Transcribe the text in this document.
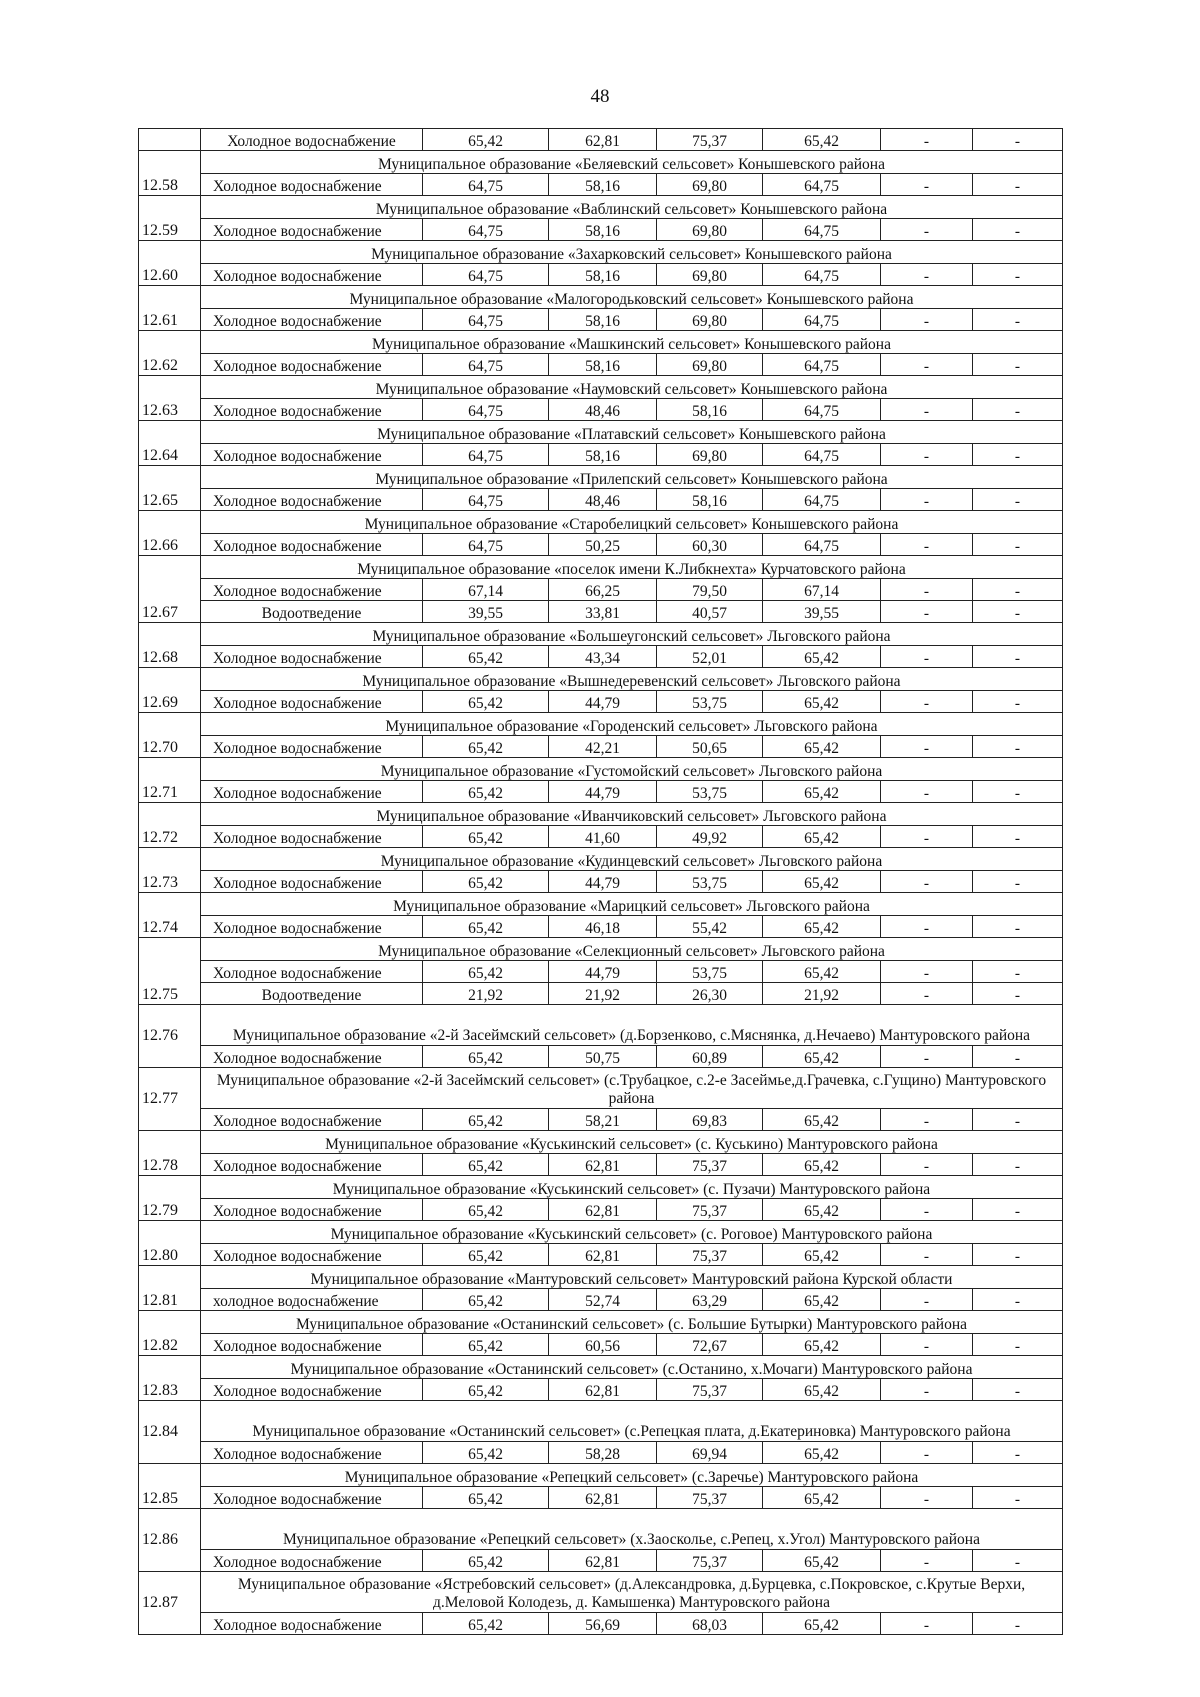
48
	Холодное водоснабжение	65,42	62,81	75,37	65,42	-	-
12.58	Муниципальное образование «Беляевский сельсовет» Конышевского района						
	Холодное водоснабжение	64,75	58,16	69,80	64,75	-	-
12.59	Муниципальное образование «Ваблинский сельсовет» Конышевского района						
	Холодное водоснабжение	64,75	58,16	69,80	64,75	-	-
12.60	Муниципальное образование «Захарковский сельсовет» Конышевского района						
	Холодное водоснабжение	64,75	58,16	69,80	64,75	-	-
12.61	Муниципальное образование «Малогородьковский сельсовет» Конышевского района						
	Холодное водоснабжение	64,75	58,16	69,80	64,75	-	-
12.62	Муниципальное образование «Машкинский сельсовет» Конышевского района						
	Холодное водоснабжение	64,75	58,16	69,80	64,75	-	-
12.63	Муниципальное образование «Наумовский сельсовет» Конышевского района						
	Холодное водоснабжение	64,75	48,46	58,16	64,75	-	-
12.64	Муниципальное образование «Платавский сельсовет» Конышевского района						
	Холодное водоснабжение	64,75	58,16	69,80	64,75	-	-
12.65	Муниципальное образование «Прилепский сельсовет» Конышевского района						
	Холодное водоснабжение	64,75	48,46	58,16	64,75	-	-
12.66	Муниципальное образование «Старобелицкий сельсовет» Конышевского района						
	Холодное водоснабжение	64,75	50,25	60,30	64,75	-	-
12.67	Муниципальное образование «поселок имени К.Либкнехта» Курчатовского района						
	Холодное водоснабжение	67,14	66,25	79,50	67,14	-	-
	Водоотведение	39,55	33,81	40,57	39,55	-	-
12.68	Муниципальное образование «Большеугонский сельсовет» Льговского района						
	Холодное водоснабжение	65,42	43,34	52,01	65,42	-	-
12.69	Муниципальное образование «Вышнедеревенский сельсовет» Льговского района						
	Холодное водоснабжение	65,42	44,79	53,75	65,42	-	-
12.70	Муниципальное образование «Городенский сельсовет» Льговского района						
	Холодное водоснабжение	65,42	42,21	50,65	65,42	-	-
12.71	Муниципальное образование «Густомойский сельсовет» Льговского района						
	Холодное водоснабжение	65,42	44,79	53,75	65,42	-	-
12.72	Муниципальное образование «Иванчиковский сельсовет» Льговского района						
	Холодное водоснабжение	65,42	41,60	49,92	65,42	-	-
12.73	Муниципальное образование «Кудинцевский сельсовет» Льговского района						
	Холодное водоснабжение	65,42	44,79	53,75	65,42	-	-
12.74	Муниципальное образование «Марицкий сельсовет» Льговского района						
	Холодное водоснабжение	65,42	46,18	55,42	65,42	-	-
12.75	Муниципальное образование «Селекционный сельсовет» Льговского района						
	Холодное водоснабжение	65,42	44,79	53,75	65,42	-	-
	Водоотведение	21,92	21,92	26,30	21,92	-	-
12.76	Муниципальное образование «2-й Засеймский сельсовет» (д.Борзенково, с.Мяснянка, д.Нечаево) Мантуровского района						
	Холодное водоснабжение	65,42	50,75	60,89	65,42	-	-
12.77	Муниципальное образование «2-й Засеймский сельсовет» (с.Трубацкое, с.2-е Засеймье,д.Грачевка, с.Гущино) Мантуровского района						
	Холодное водоснабжение	65,42	58,21	69,83	65,42	-	-
12.78	Муниципальное образование «Куськинский сельсовет» (с. Куськино) Мантуровского района						
	Холодное водоснабжение	65,42	62,81	75,37	65,42	-	-
12.79	Муниципальное образование «Куськинский сельсовет» (с. Пузачи) Мантуровского района						
	Холодное водоснабжение	65,42	62,81	75,37	65,42	-	-
12.80	Муниципальное образование «Куськинский сельсовет» (с. Роговое) Мантуровского района						
	Холодное водоснабжение	65,42	62,81	75,37	65,42	-	-
12.81	Муниципальное образование «Мантуровский сельсовет» Мантуровский района Курской области						
	холодное водоснабжение	65,42	52,74	63,29	65,42	-	-
12.82	Муниципальное образование «Останинский сельсовет» (с. Большие Бутырки) Мантуровского района						
	Холодное водоснабжение	65,42	60,56	72,67	65,42	-	-
12.83	Муниципальное образование «Останинский сельсовет» (с.Останино, х.Мочаги) Мантуровского района						
	Холодное водоснабжение	65,42	62,81	75,37	65,42	-	-
12.84	Муниципальное образование «Останинский сельсовет» (с.Репецкая плата, д.Екатериновка) Мантуровского района						
	Холодное водоснабжение	65,42	58,28	69,94	65,42	-	-
12.85	Муниципальное образование «Репецкий сельсовет» (с.Заречье) Мантуровского района						
	Холодное водоснабжение	65,42	62,81	75,37	65,42	-	-
12.86	Муниципальное образование «Репецкий сельсовет» (х.Заосколье, с.Репец, х.Угол) Мантуровского района						
	Холодное водоснабжение	65,42	62,81	75,37	65,42	-	-
12.87	Муниципальное образование «Ястребовский сельсовет» (д.Александровка, д.Бурцевка, с.Покровское, с.Крутые Верхи, д.Меловой Колодезь, д. Камышенка) Мантуровского района						
	Холодное водоснабжение	65,42	56,69	68,03	65,42	-	-
